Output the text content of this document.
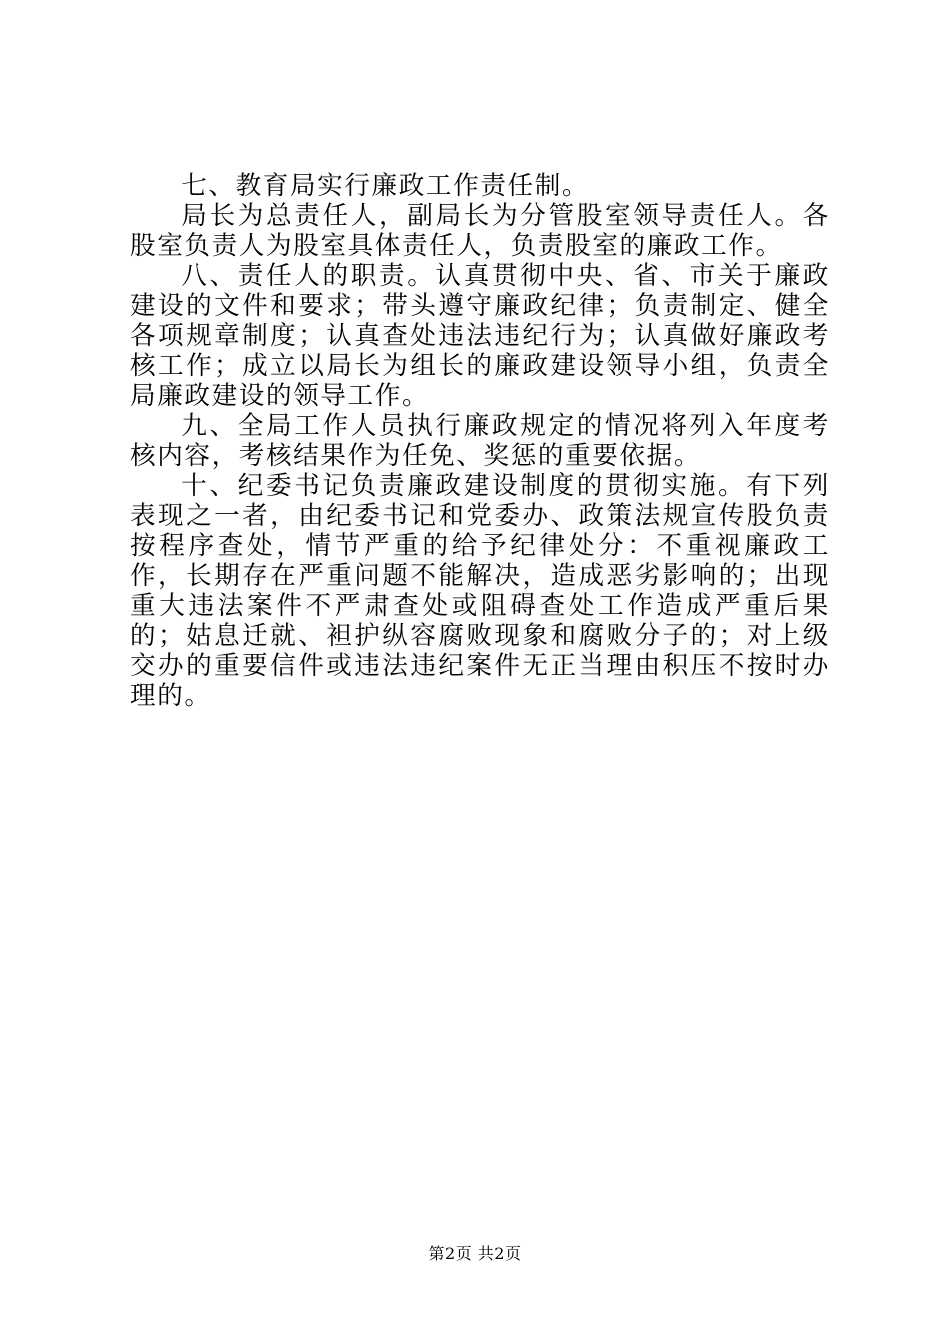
七、教育局实行廉政工作责任制。

局长为总责任人，副局长为分管股室领导责任人。各股室负责人为股室具体责任人，负责股室的廉政工作。

八、责任人的职责。认真贯彻中央、省、市关于廉政建设的文件和要求；带头遵守廉政纪律；负责制定、健全各项规章制度；认真查处违法违纪行为；认真做好廉政考核工作；成立以局长为组长的廉政建设领导小组，负责全局廉政建设的领导工作。

九、全局工作人员执行廉政规定的情况将列入年度考核内容，考核结果作为任免、奖惩的重要依据。

十、纪委书记负责廉政建设制度的贯彻实施。有下列表现之一者，由纪委书记和党委办、政策法规宣传股负责按程序查处，情节严重的给予纪律处分：不重视廉政工作，长期存在严重问题不能解决，造成恶劣影响的；出现重大违法案件不严肃查处或阻碍查处工作造成严重后果的；姑息迁就、袒护纵容腐败现象和腐败分子的；对上级交办的重要信件或违法违纪案件无正当理由积压不按时办理的。

第2页 共2页
